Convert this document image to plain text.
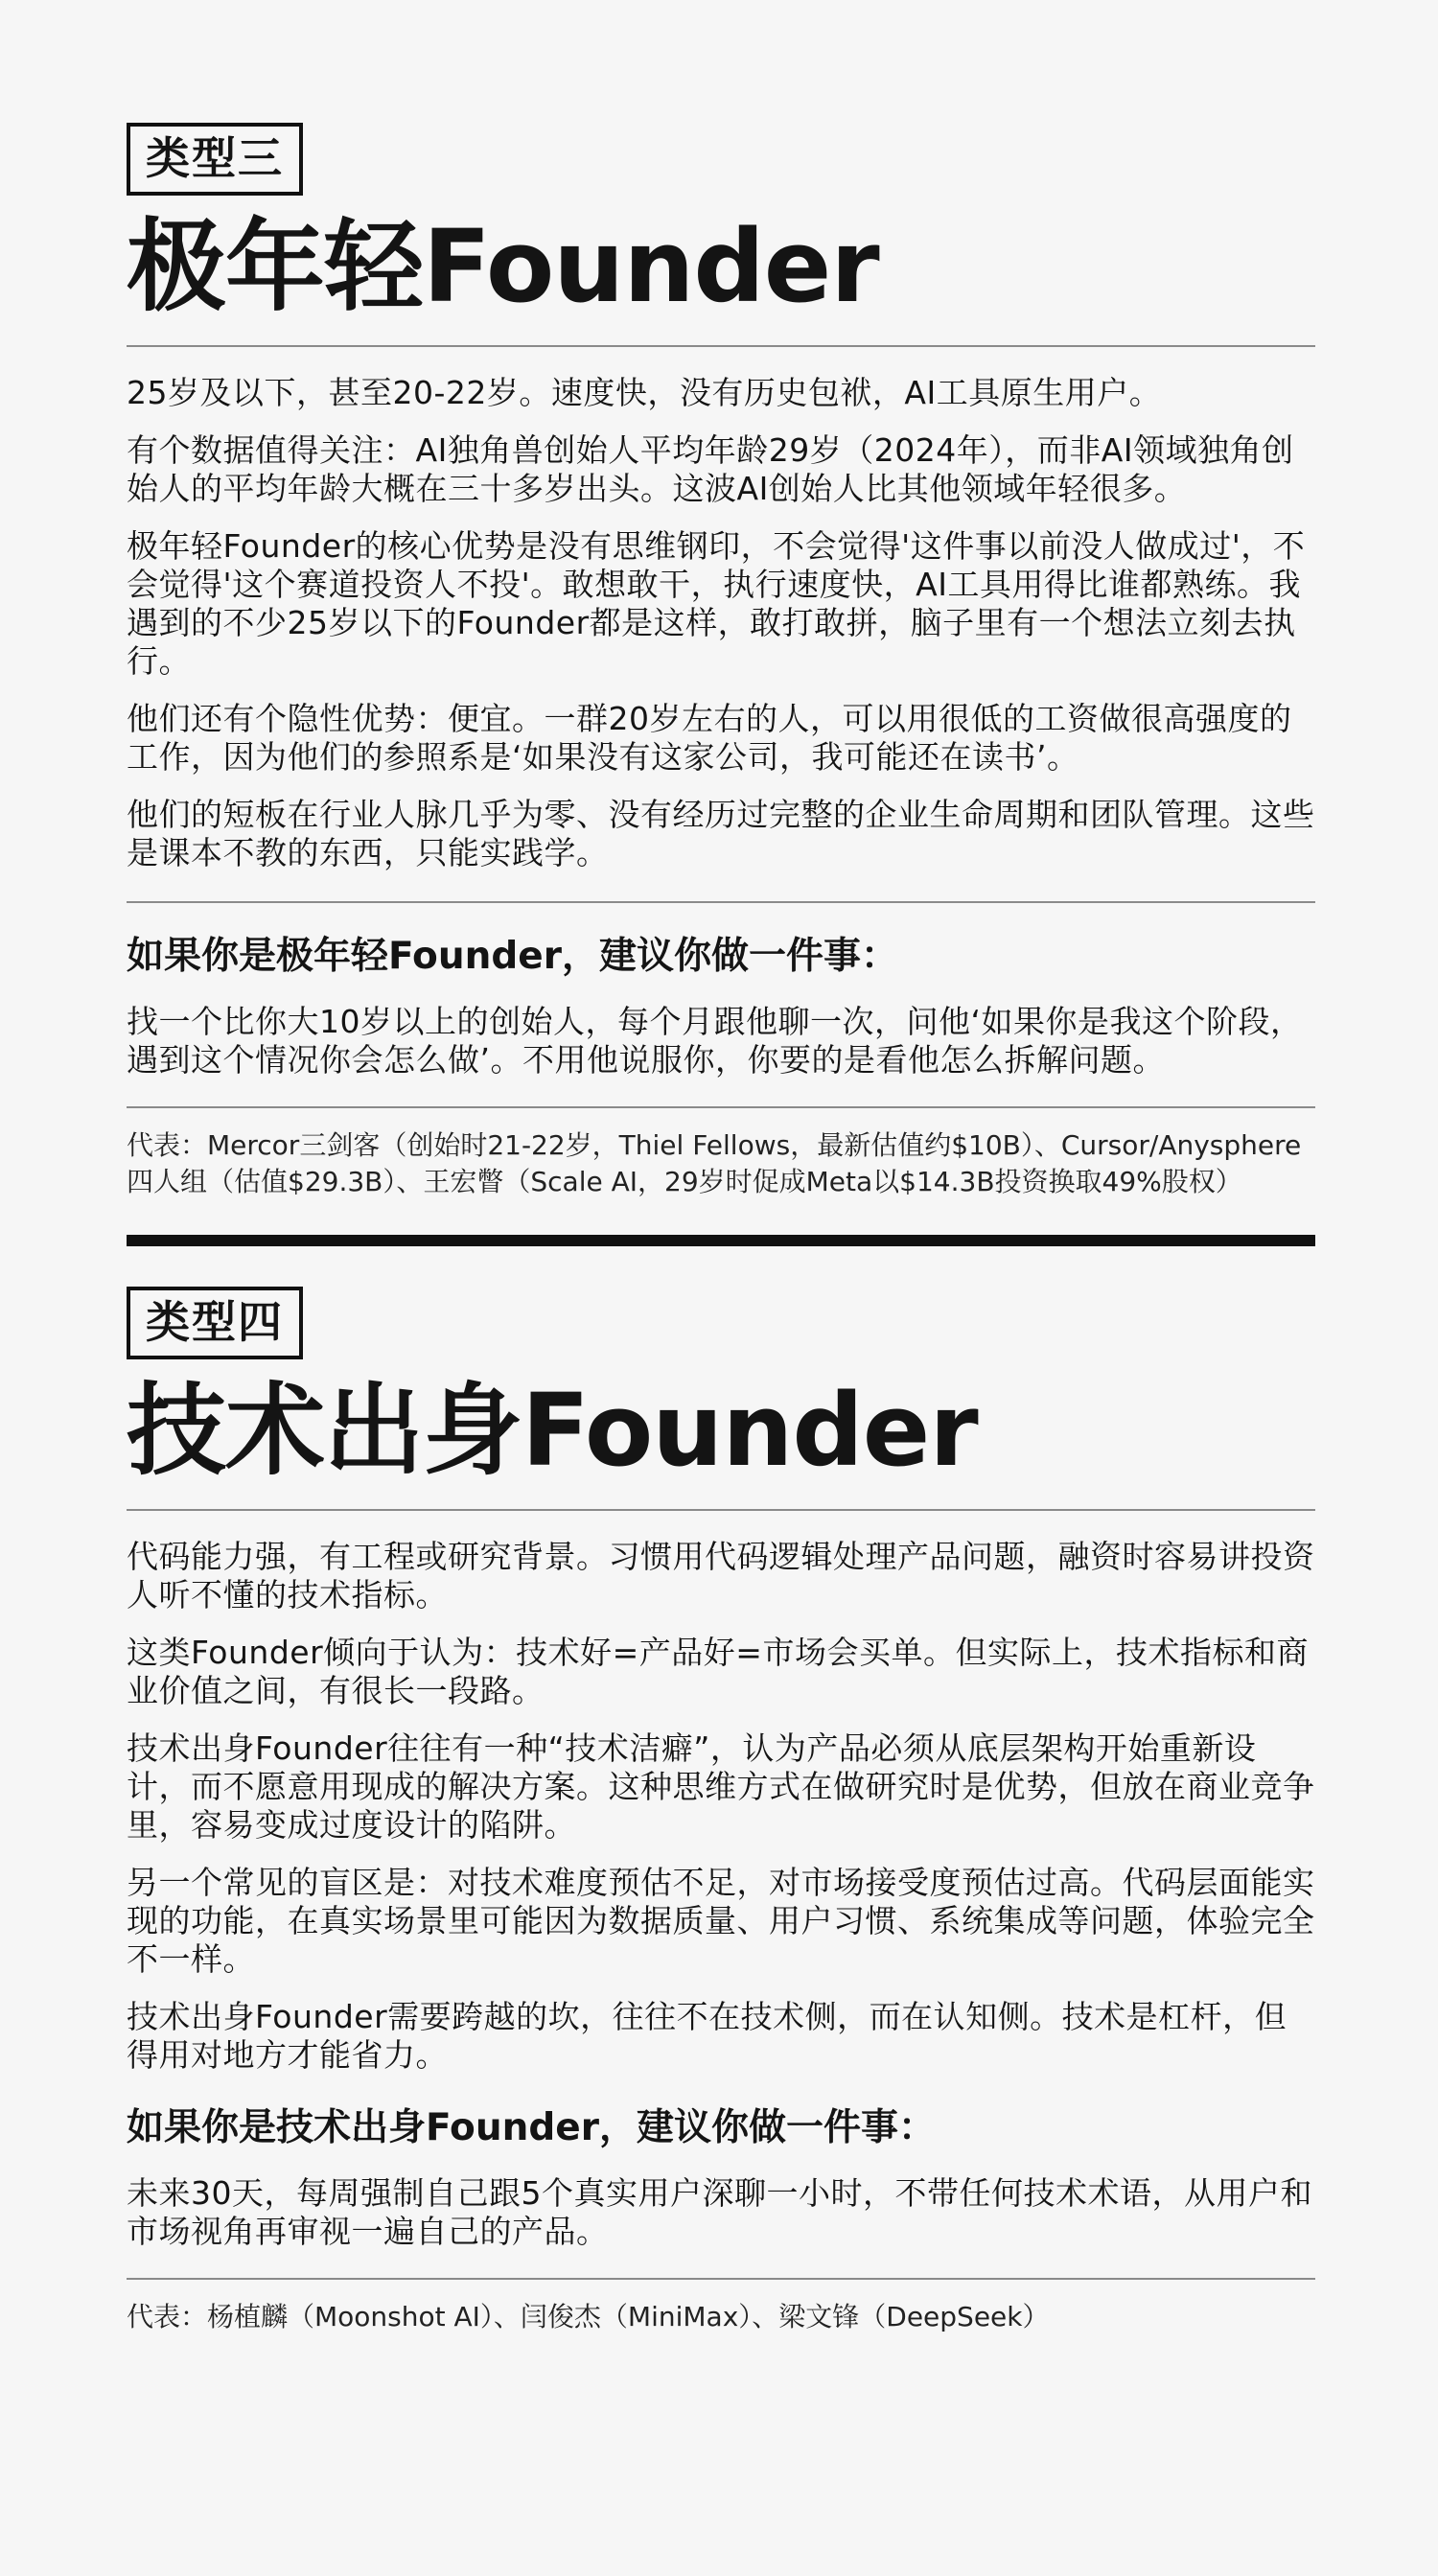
类型三
极年轻Founder

25岁及以下，甚至20-22岁。速度快，没有历史包袱，AI工具原生用户。

有个数据值得关注：AI独角兽创始人平均年龄29岁（2024年），而非AI领域独角创始人的平均年龄大概在三十多岁出头。这波AI创始人比其他领域年轻很多。

极年轻Founder的核心优势是没有思维钢印，不会觉得'这件事以前没人做成过'，不会觉得'这个赛道投资人不投'。敢想敢干，执行速度快，AI工具用得比谁都熟练。我遇到的不少25岁以下的Founder都是这样，敢打敢拼，脑子里有一个想法立刻去执行。

他们还有个隐性优势：便宜。一群20岁左右的人，可以用很低的工资做很高强度的工作，因为他们的参照系是‘如果没有这家公司，我可能还在读书’。

他们的短板在行业人脉几乎为零、没有经历过完整的企业生命周期和团队管理。这些是课本不教的东西，只能实践学。

如果你是极年轻Founder，建议你做一件事：

找一个比你大10岁以上的创始人，每个月跟他聊一次，问他‘如果你是我这个阶段，遇到这个情况你会怎么做’。不用他说服你，你要的是看他怎么拆解问题。

代表：Mercor三剑客（创始时21-22岁，Thiel Fellows，最新估值约$10B）、Cursor/Anysphere四人组（估值$29.3B）、王宏瞥（Scale AI，29岁时促成Meta以$14.3B投资换取49%股权）

类型四
技术出身Founder

代码能力强，有工程或研究背景。习惯用代码逻辑处理产品问题，融资时容易讲投资人听不懂的技术指标。

这类Founder倾向于认为：技术好=产品好=市场会买单。但实际上，技术指标和商业价值之间，有很长一段路。

技术出身Founder往往有一种“技术洁癖”，认为产品必须从底层架构开始重新设计，而不愿意用现成的解决方案。这种思维方式在做研究时是优势，但放在商业竞争里，容易变成过度设计的陷阱。

另一个常见的盲区是：对技术难度预估不足，对市场接受度预估过高。代码层面能实现的功能，在真实场景里可能因为数据质量、用户习惯、系统集成等问题，体验完全不一样。

技术出身Founder需要跨越的坎，往往不在技术侧，而在认知侧。技术是杠杆，但得用对地方才能省力。

如果你是技术出身Founder，建议你做一件事：

未来30天，每周强制自己跟5个真实用户深聊一小时，不带任何技术术语，从用户和市场视角再审视一遍自己的产品。

代表：杨植麟（Moonshot AI）、闫俊杰（MiniMax）、梁文锋（DeepSeek）
